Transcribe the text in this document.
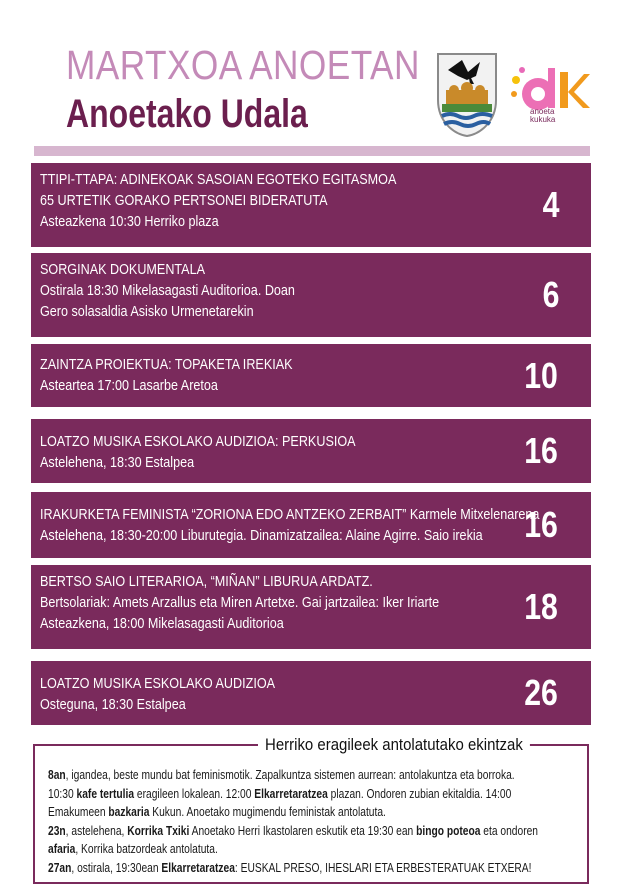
MARTXOA ANOETAN
Anoetako Udala	anoeta
kukuka
TTIPI-TTAPA: ADINEKOAK SASOIAN EGOTEKO EGITASMOA
65 URTETIK GORAKO PERTSONEI BIDERATUTA
Asteazkena 10:30 Herriko plaza	4
SORGINAK DOKUMENTALA
Ostirala 18:30 Mikelasagasti Auditorioa. Doan
Gero solasaldia Asisko Urmenetarekin	6
ZAINTZA PROIEKTUA: TOPAKETA IREKIAK
Asteartea 17:00 Lasarbe Aretoa	10
LOATZO MUSIKA ESKOLAKO AUDIZIOA: PERKUSIOA
Astelehena, 18:30 Estalpea	16
IRAKURKETA FEMINISTA “ZORIONA EDO ANTZEKO ZERBAIT” Karmele Mitxelenarena
Astelehena, 18:30-20:00 Liburutegia. Dinamizatzailea: Alaine Agirre. Saio irekia 16
BERTSO SAIO LITERARIOA, “MIÑAN” LIBURUA ARDATZ.
Bertsolariak: Amets Arzallus eta Miren Artetxe. Gai jartzailea: Iker Iriarte
Asteazkena, 18:00 Mikelasagasti Auditorioa	18
LOATZO MUSIKA ESKOLAKO AUDIZIOA
Osteguna, 18:30 Estalpea	26
Herriko eragileek antolatutako ekintzak
8an, igandea, beste mundu bat feminismotik. Zapalkuntza sistemen aurrean: antolakuntza eta borroka.
10:30 kafe tertulia eragileen lokalean. 12:00 Elkarretaratzea plazan. Ondoren zubian ekitaldia. 14:00
Emakumeen bazkaria Kukun. Anoetako mugimendu feministak antolatuta.
23n, astelehena, Korrika Txiki Anoetako Herri Ikastolaren eskutik eta 19:30 ean bingo poteoa eta ondoren
afaria, Korrika batzordeak antolatuta.
27an, ostirala, 19:30ean Elkarretaratzea: EUSKAL PRESO, IHESLARI ETA ERBESTERATUAK ETXERA!
